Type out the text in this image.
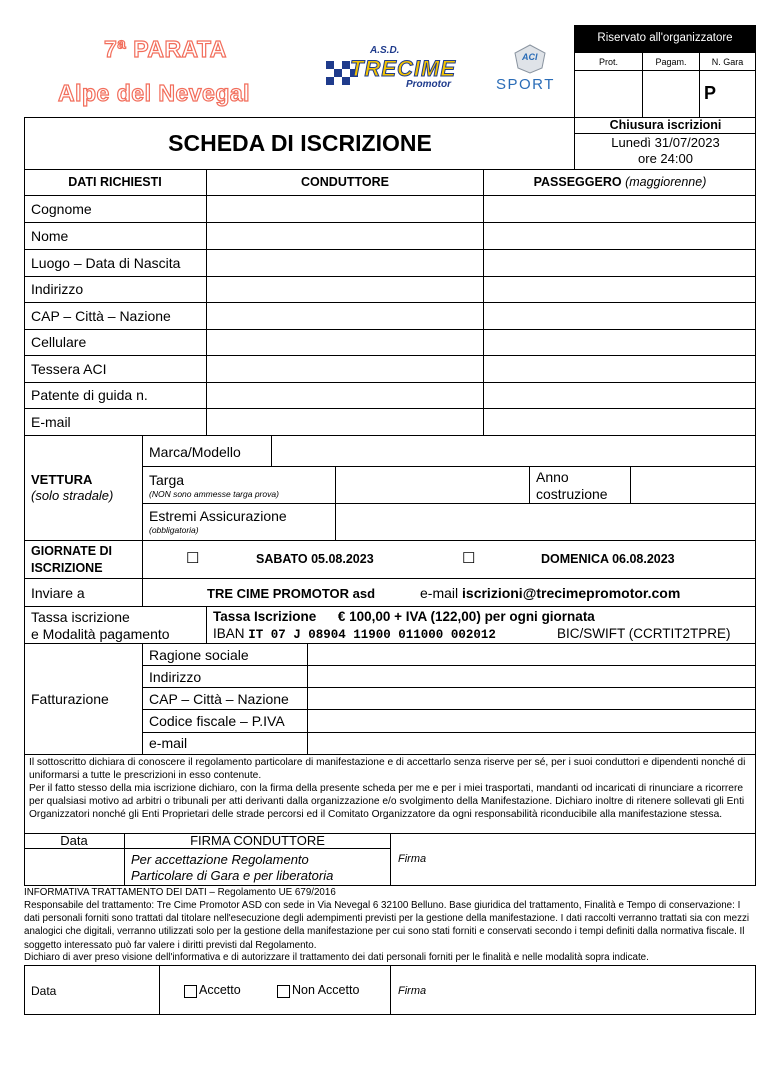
7ª PARATA
Alpe del Nevegal
A.S.D.
TRECIME
Promotor
ACI
SPORT
Riservato all'organizzatore
Prot.	Pagam.	N. Gara
P
SCHEDA DI ISCRIZIONE
Chiusura iscrizioni
Lunedì 31/07/2023
ore 24:00
DATI RICHIESTI	CONDUTTORE	PASSEGGERO (maggiorenne)
Cognome
Nome
Luogo – Data di Nascita
Indirizzo
CAP – Città – Nazione
Cellulare
Tessera ACI
Patente di guida n.
E-mail
VETTURA
(solo stradale)
Marca/Modello
Targa
(NON sono ammesse targa prova)
Anno
costruzione
Estremi Assicurazione
(obbligatoria)
GIORNATE DI
ISCRIZIONE
☐	SABATO 05.08.2023	☐	DOMENICA 06.08.2023
Inviare a	TRE CIME PROMOTOR asd	e-mail iscrizioni@trecimepromotor.com
Tassa iscrizione
e Modalità pagamento
Tassa Iscrizione € 100,00 + IVA (122,00) per ogni giornata
IBAN IT 07 J 08904 11900 011000 002012	BIC/SWIFT (CCRTIT2TPRE)
Fatturazione
Ragione sociale
Indirizzo
CAP – Città – Nazione
Codice fiscale – P.IVA
e-mail
Il sottoscritto dichiara di conoscere il regolamento particolare di manifestazione e di accettarlo senza riserve per sé, per i suoi conduttori e dipendenti nonché di uniformarsi a tutte le prescrizioni in esso contenute.
Per il fatto stesso della mia iscrizione dichiaro, con la firma della presente scheda per me e per i miei trasportati, mandanti od incaricati di rinunciare a ricorrere per qualsiasi motivo ad arbitri o tribunali per atti derivanti dalla organizzazione e/o svolgimento della Manifestazione. Dichiaro inoltre di ritenere sollevati gli Enti Organizzatori nonché gli Enti Proprietari delle strade percorsi ed il Comitato Organizzatore da ogni responsabilità riconducibile alla manifestazione stessa.
Data	FIRMA CONDUTTORE
Per accettazione Regolamento
Particolare di Gara e per liberatoria
Firma
INFORMATIVA TRATTAMENTO DEI DATI – Regolamento UE 679/2016
Responsabile del trattamento: Tre Cime Promotor ASD con sede in Via Nevegal 6 32100 Belluno. Base giuridica del trattamento, Finalità e Tempo di conservazione: I dati personali forniti sono trattati dal titolare nell'esecuzione degli adempimenti previsti per la gestione della manifestazione. I dati raccolti verranno trattati sia con mezzi analogici che digitali, verranno utilizzati solo per la gestione della manifestazione per cui sono stati forniti e conservati secondo i tempi definiti dalla normativa fiscale. Il soggetto interessato può far valere i diritti previsti dal Regolamento.
Dichiaro di aver preso visione dell'informativa e di autorizzare il trattamento dei dati personali forniti per le finalità e nelle modalità sopra indicate.
Data	Accetto	Non Accetto	Firma
